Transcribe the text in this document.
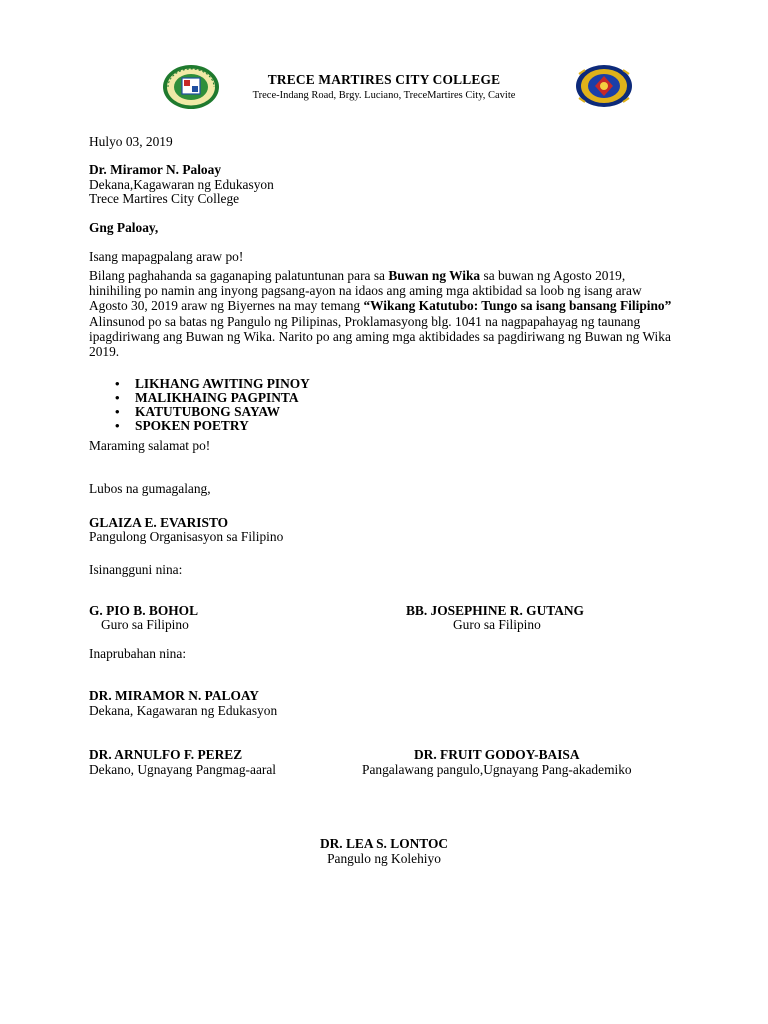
TRECE MARTIRES CITY COLLEGE
Trece-Indang Road, Brgy. Luciano, TreceMartires City, Cavite
Hulyo 03, 2019
Dr. Miramor N. Paloay
Dekana,Kagawaran ng Edukasyon
Trece Martires City College
Gng Paloay,
Isang mapagpalang araw po!
Bilang paghahanda sa gaganaping palatuntunan para sa Buwan ng Wika sa buwan ng Agosto 2019, hinihiling po namin ang inyong pagsang-ayon na idaos ang aming mga aktibidad sa loob ng isang araw Agosto 30, 2019 araw ng Biyernes na may temang “Wikang Katutubo: Tungo sa isang bansang Filipino” Alinsunod po sa batas ng Pangulo ng Pilipinas, Proklamasyong blg. 1041 na nagpapahayag ng taunang ipagdiriwang ang Buwan ng Wika. Narito po ang aming mga aktibidades sa pagdiriwang ng Buwan ng Wika 2019.
• LIKHANG AWITING PINOY
• MALIKHAING PAGPINTA
• KATUTUBONG SAYAW
• SPOKEN POETRY
Maraming salamat po!
Lubos na gumagalang,
GLAIZA E. EVARISTO
Pangulong Organisasyon sa Filipino
Isinangguni nina:
G. PIO B. BOHOL
Guro sa Filipino
BB. JOSEPHINE R. GUTANG
Guro sa Filipino
Inaprubahan nina:
DR. MIRAMOR N. PALOAY
Dekana, Kagawaran ng Edukasyon
DR. ARNULFO F. PEREZ
Dekano, Ugnayang Pangmag-aaral
DR. FRUIT GODOY-BAISA
Pangalawang pangulo,Ugnayang Pang-akademiko
DR. LEA S. LONTOC
Pangulo ng Kolehiyo
